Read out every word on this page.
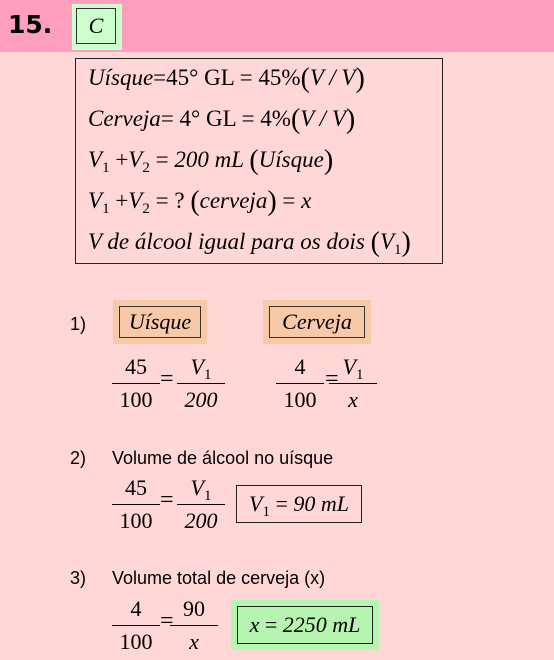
15.	C
Uísque=45° GL = 45%(V / V)
Cerveja= 4° GL = 4%(V / V)
$V_1 +V_2 = 200$ mL (Uísque)
$V_1 +V_2$ = ? (cerveja) = x
V de álcool igual para os dois $(V_1)$
1)	Uísque	Cerveja
45
100
= $V_1$
200
4
100
= $V_1$
x
2) Volume de álcool no uísque
45
100
= $V_1$
200
$V_1 = 90$ mL
3) Volume total de cerveja (x)
4
100
= 90
x
x = 2250 mL
